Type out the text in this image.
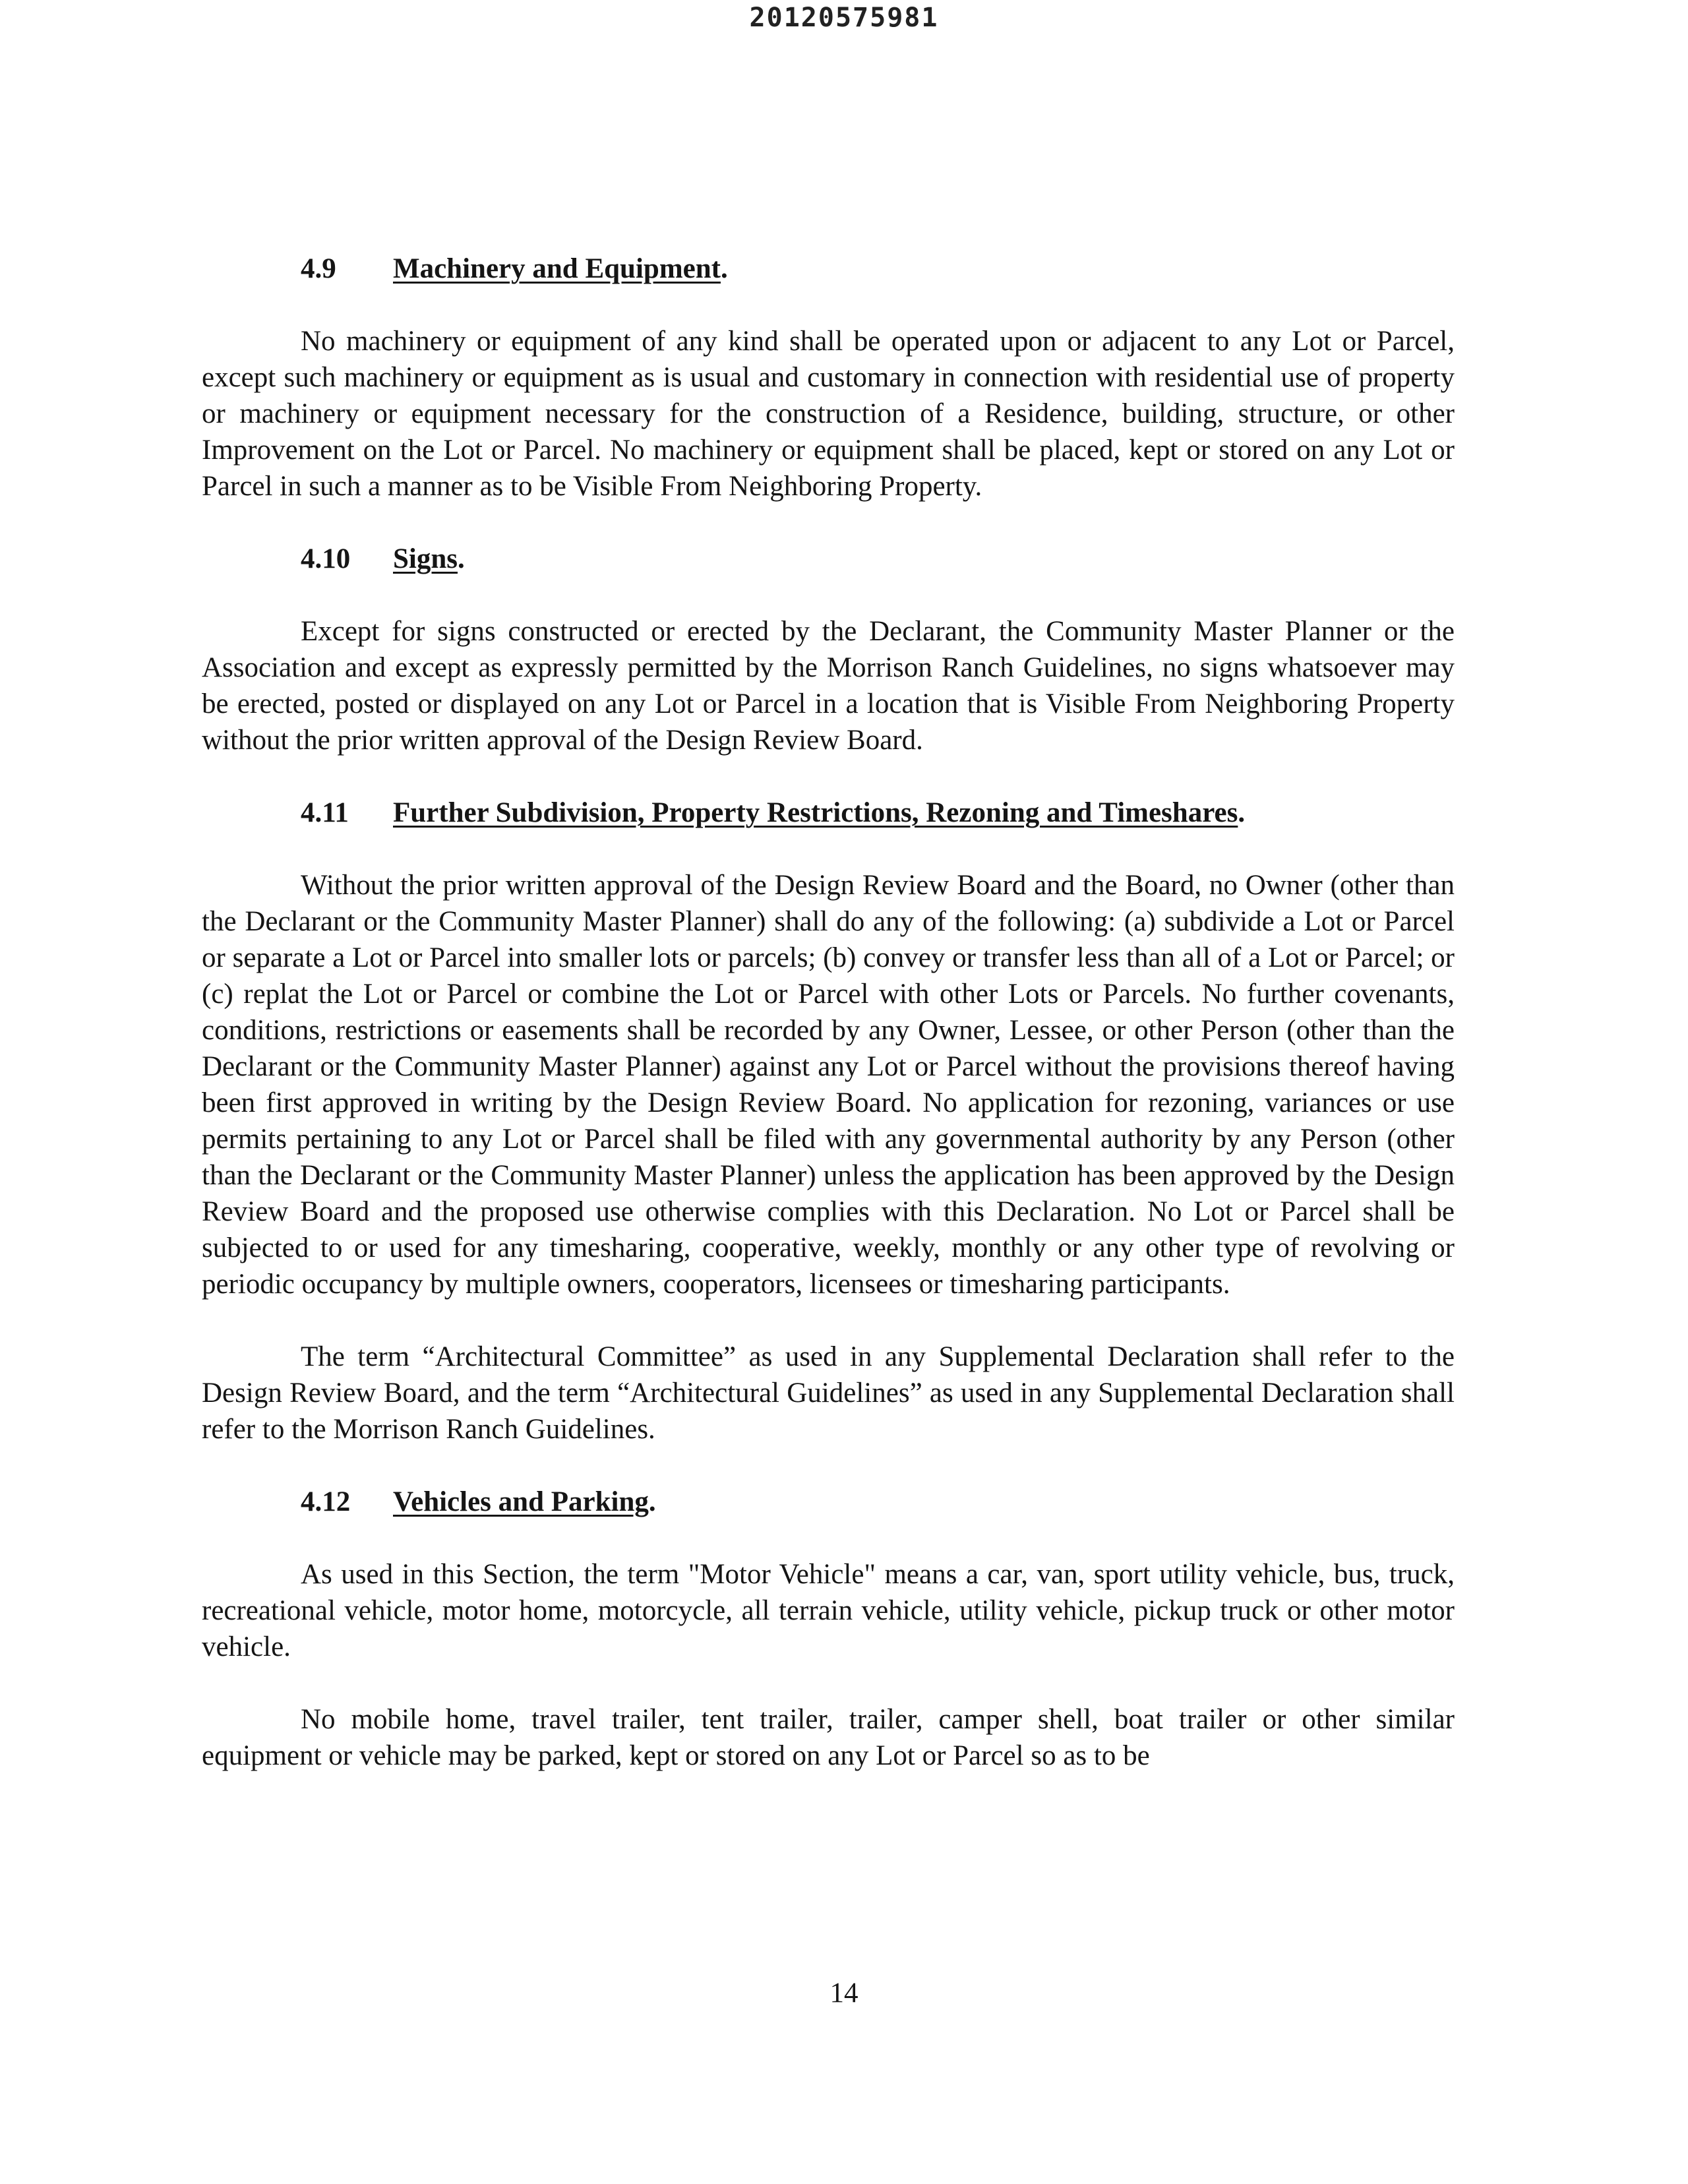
20120575981
4.9 Machinery and Equipment.

No machinery or equipment of any kind shall be operated upon or adjacent to any Lot or Parcel, except such machinery or equipment as is usual and customary in connection with residential use of property or machinery or equipment necessary for the construction of a Residence, building, structure, or other Improvement on the Lot or Parcel. No machinery or equipment shall be placed, kept or stored on any Lot or Parcel in such a manner as to be Visible From Neighboring Property.

4.10 Signs.

Except for signs constructed or erected by the Declarant, the Community Master Planner or the Association and except as expressly permitted by the Morrison Ranch Guidelines, no signs whatsoever may be erected, posted or displayed on any Lot or Parcel in a location that is Visible From Neighboring Property without the prior written approval of the Design Review Board.

4.11 Further Subdivision, Property Restrictions, Rezoning and Timeshares.

Without the prior written approval of the Design Review Board and the Board, no Owner (other than the Declarant or the Community Master Planner) shall do any of the following: (a) subdivide a Lot or Parcel or separate a Lot or Parcel into smaller lots or parcels; (b) convey or transfer less than all of a Lot or Parcel; or (c) replat the Lot or Parcel or combine the Lot or Parcel with other Lots or Parcels. No further covenants, conditions, restrictions or easements shall be recorded by any Owner, Lessee, or other Person (other than the Declarant or the Community Master Planner) against any Lot or Parcel without the provisions thereof having been first approved in writing by the Design Review Board. No application for rezoning, variances or use permits pertaining to any Lot or Parcel shall be filed with any governmental authority by any Person (other than the Declarant or the Community Master Planner) unless the application has been approved by the Design Review Board and the proposed use otherwise complies with this Declaration. No Lot or Parcel shall be subjected to or used for any timesharing, cooperative, weekly, monthly or any other type of revolving or periodic occupancy by multiple owners, cooperators, licensees or timesharing participants.

The term “Architectural Committee” as used in any Supplemental Declaration shall refer to the Design Review Board, and the term “Architectural Guidelines” as used in any Supplemental Declaration shall refer to the Morrison Ranch Guidelines.

4.12 Vehicles and Parking.

As used in this Section, the term "Motor Vehicle" means a car, van, sport utility vehicle, bus, truck, recreational vehicle, motor home, motorcycle, all terrain vehicle, utility vehicle, pickup truck or other motor vehicle.

No mobile home, travel trailer, tent trailer, trailer, camper shell, boat trailer or other similar equipment or vehicle may be parked, kept or stored on any Lot or Parcel so as to be

14
